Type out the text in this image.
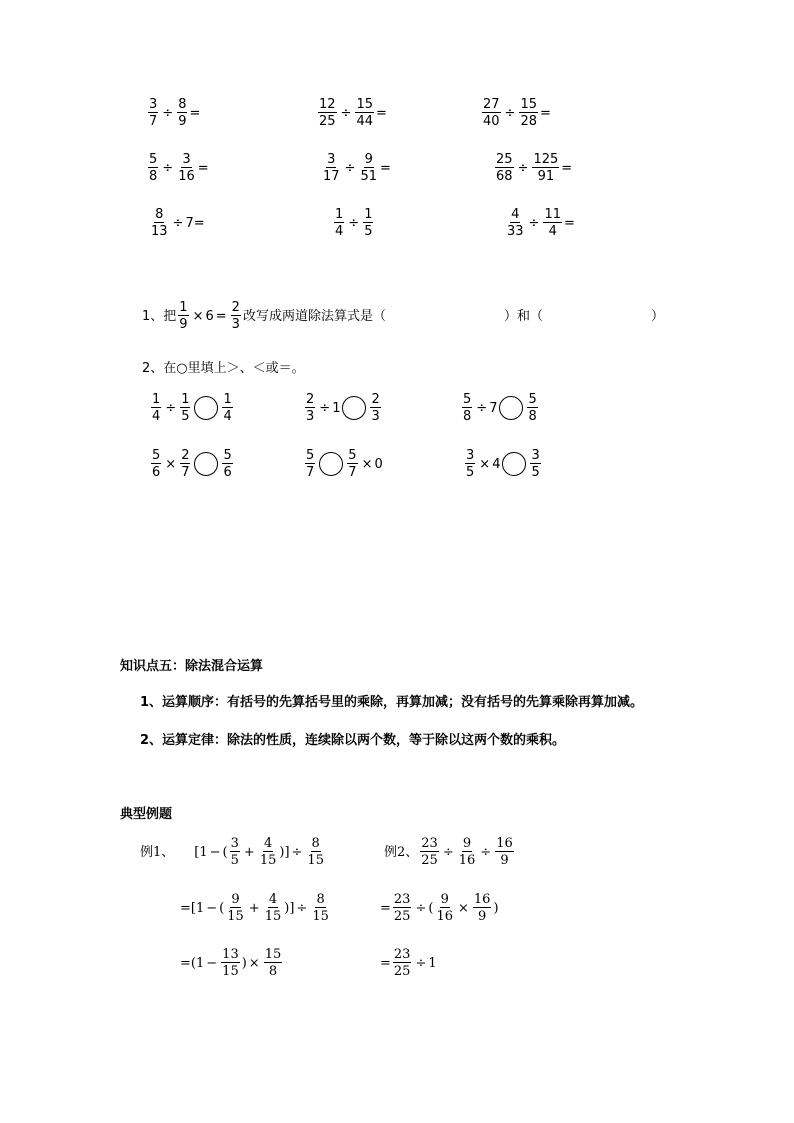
$\frac{3}{7} \div \frac{8}{9}$ =	$\frac{12}{25} \div \frac{15}{44}$ =	$\frac{27}{40} \div \frac{15}{28}$ =
$\frac{5}{8} \div \frac{3}{16}$ =	$\frac{3}{17} \div \frac{9}{51}$ =	$\frac{25}{68} \div \frac{125}{91}$ =
$\frac{8}{13} \div 7$ =	$\frac{1}{4} \div \frac{1}{5}$	$\frac{4}{33} \div \frac{11}{4}$ =
1、把 $\frac{1}{9} \times 6 = \frac{2}{3}$ 改写成两道除法算式是（	）和（	）
2、在○里填上＞、＜或＝。
$\frac{1}{4} \div \frac{1}{5} \frac{1}{4}$	$\frac{2}{3} \div 1 \frac{2}{3}$	$\frac{5}{8} \div 7 \frac{5}{8}$
$\frac{5}{6} \times \frac{2}{7} \frac{5}{6}$	$\frac{5}{7} \frac{5}{7} \times 0$	$\frac{3}{5} \times 4 \frac{3}{5}$
知识点五：除法混合运算
1、运算顺序：有括号的先算括号里的乘除，再算加减；没有括号的先算乘除再算加减。
2、运算定律：除法的性质，连续除以两个数，等于除以这两个数的乘积。
典型例题
例1、 [ 1 − ( $\frac{3}{5} + \frac{4}{15}$ ) ] ÷ $\frac{8}{15}$
= [ 1 − ( $\frac{9}{15} + \frac{4}{15}$ ) ] ÷ $\frac{8}{15}$
= ( $1 - \frac{13}{15}$ ) × $\frac{15}{8}$
例2、 $\frac{23}{25} \div \frac{9}{16} \div \frac{16}{9}$
= $\frac{23}{25}$ ÷ ( $\frac{9}{16} \times \frac{16}{9}$ )
= $\frac{23}{25} \div 1$
